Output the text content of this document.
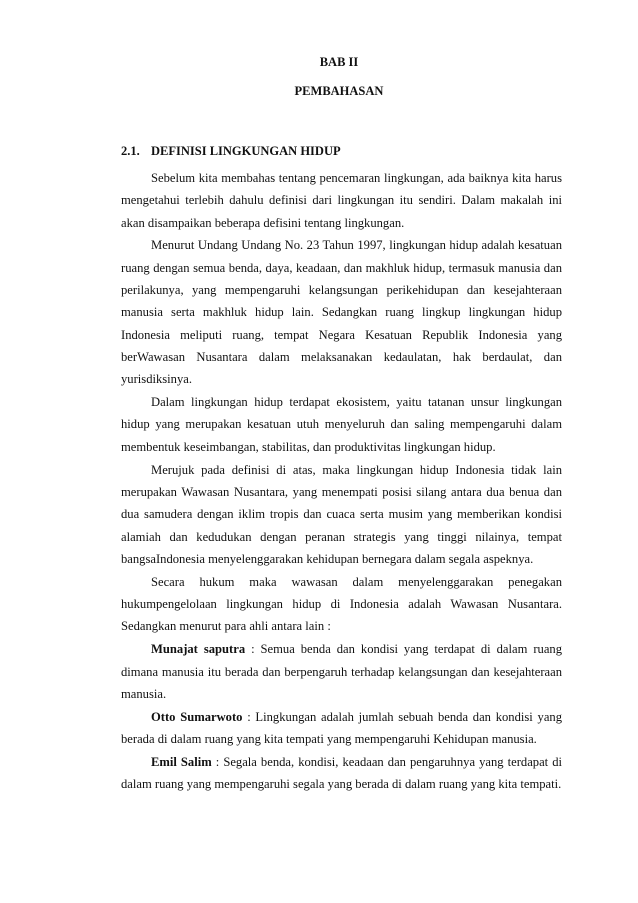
BAB II
PEMBAHASAN
2.1. DEFINISI LINGKUNGAN HIDUP

Sebelum kita membahas tentang pencemaran lingkungan, ada baiknya kita harus mengetahui terlebih dahulu definisi dari lingkungan itu sendiri. Dalam makalah ini akan disampaikan beberapa defisini tentang lingkungan.

Menurut Undang Undang No. 23 Tahun 1997, lingkungan hidup adalah kesatuan ruang dengan semua benda, daya, keadaan, dan makhluk hidup, termasuk manusia dan perilakunya, yang mempengaruhi kelangsungan perikehidupan dan kesejahteraan manusia serta makhluk hidup lain. Sedangkan ruang lingkup lingkungan hidup Indonesia meliputi ruang, tempat Negara Kesatuan Republik Indonesia yang berWawasan Nusantara dalam melaksanakan kedaulatan, hak berdaulat, dan yurisdiksinya.

Dalam lingkungan hidup terdapat ekosistem, yaitu tatanan unsur lingkungan hidup yang merupakan kesatuan utuh menyeluruh dan saling mempengaruhi dalam membentuk keseimbangan, stabilitas, dan produktivitas lingkungan hidup.

Merujuk pada definisi di atas, maka lingkungan hidup Indonesia tidak lain merupakan Wawasan Nusantara, yang menempati posisi silang antara dua benua dan dua samudera dengan iklim tropis dan cuaca serta musim yang memberikan kondisi alamiah dan kedudukan dengan peranan strategis yang tinggi nilainya, tempat bangsaIndonesia menyelenggarakan kehidupan bernegara dalam segala aspeknya.

Secara hukum maka wawasan dalam menyelenggarakan penegakan hukumpengelolaan lingkungan hidup di Indonesia adalah Wawasan Nusantara. Sedangkan menurut para ahli antara lain :

Munajat saputra : Semua benda dan kondisi yang terdapat di dalam ruang dimana manusia itu berada dan berpengaruh terhadap kelangsungan dan kesejahteraan manusia.

Otto Sumarwoto : Lingkungan adalah jumlah sebuah benda dan kondisi yang berada di dalam ruang yang kita tempati yang mempengaruhi Kehidupan manusia.

Emil Salim : Segala benda, kondisi, keadaan dan pengaruhnya yang terdapat di dalam ruang yang mempengaruhi segala yang berada di dalam ruang yang kita tempati.
